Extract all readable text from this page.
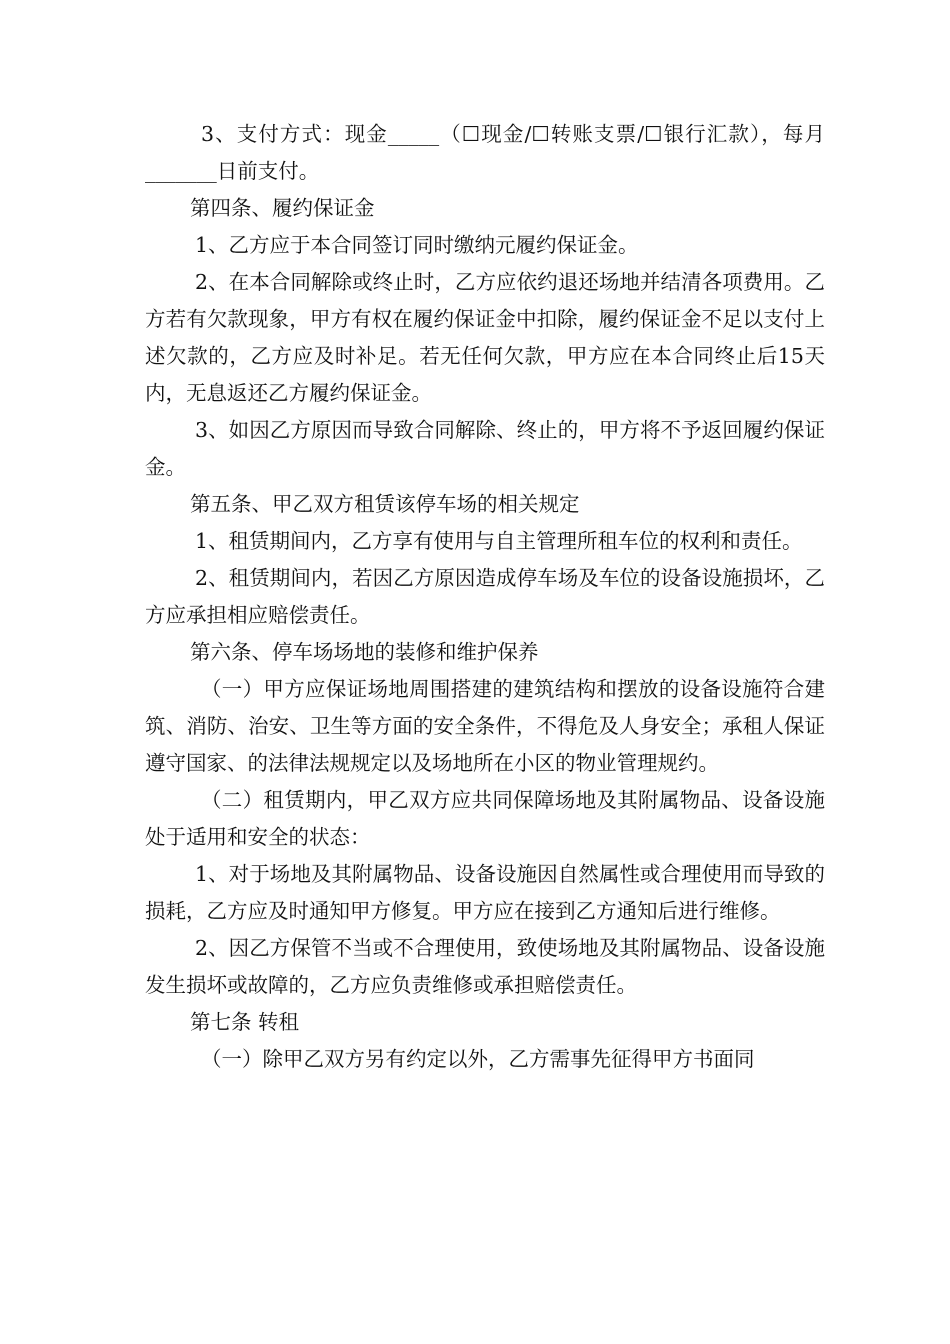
3、支付方式：现金_____（☐现金/☐转账支票/☐银行汇款），每月_______日前支付。

第四条、履约保证金

1、乙方应于本合同签订同时缴纳元履约保证金。

2、在本合同解除或终止时，乙方应依约退还场地并结清各项费用。乙方若有欠款现象，甲方有权在履约保证金中扣除，履约保证金不足以支付上述欠款的，乙方应及时补足。若无任何欠款，甲方应在本合同终止后15天内，无息返还乙方履约保证金。

3、如因乙方原因而导致合同解除、终止的，甲方将不予返回履约保证金。

第五条、甲乙双方租赁该停车场的相关规定

1、租赁期间内，乙方享有使用与自主管理所租车位的权利和责任。

2、租赁期间内，若因乙方原因造成停车场及车位的设备设施损坏，乙方应承担相应赔偿责任。

第六条、停车场场地的装修和维护保养

（一）甲方应保证场地周围搭建的建筑结构和摆放的设备设施符合建筑、消防、治安、卫生等方面的安全条件，不得危及人身安全；承租人保证遵守国家、的法律法规规定以及场地所在小区的物业管理规约。

（二）租赁期内，甲乙双方应共同保障场地及其附属物品、设备设施处于适用和安全的状态：

1、对于场地及其附属物品、设备设施因自然属性或合理使用而导致的损耗，乙方应及时通知甲方修复。甲方应在接到乙方通知后进行维修。

2、因乙方保管不当或不合理使用，致使场地及其附属物品、设备设施发生损坏或故障的，乙方应负责维修或承担赔偿责任。

第七条 转租

（一）除甲乙双方另有约定以外，乙方需事先征得甲方书面同
